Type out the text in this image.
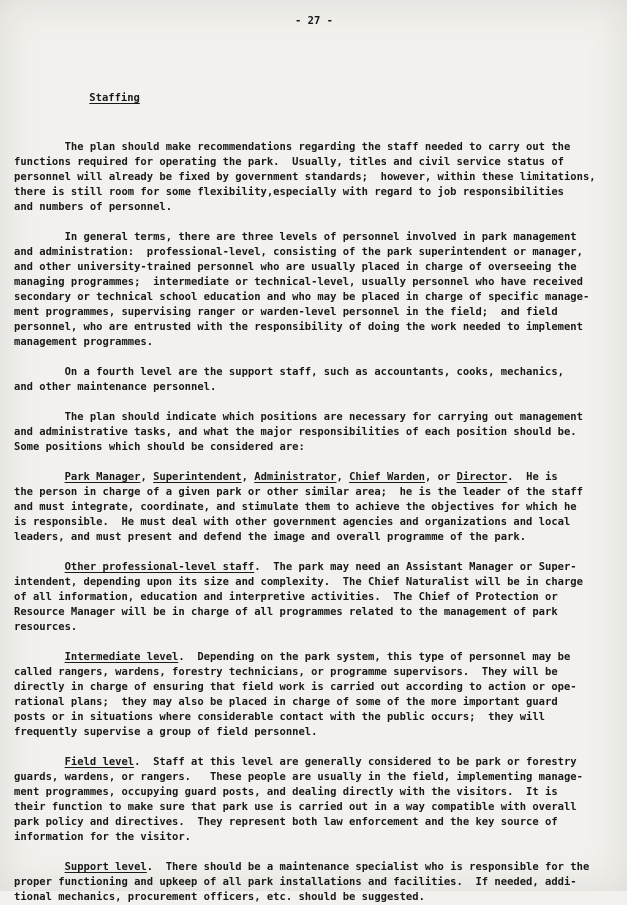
- 27 -

Staffing

The plan should make recommendations regarding the staff needed to carry out the
functions required for operating the park.  Usually, titles and civil service status of
personnel will already be fixed by government standards;  however, within these limitations,
there is still room for some flexibility,especially with regard to job responsibilities
and numbers of personnel.
In general terms, there are three levels of personnel involved in park management
and administration:  professional-level, consisting of the park superintendent or manager,
and other university-trained personnel who are usually placed in charge of overseeing the
managing programmes;  intermediate or technical-level, usually personnel who have received
secondary or technical school education and who may be placed in charge of specific manage-
ment programmes, supervising ranger or warden-level personnel in the field;  and field
personnel, who are entrusted with the responsibility of doing the work needed to implement
management programmes.
On a fourth level are the support staff, such as accountants, cooks, mechanics,
and other maintenance personnel.
The plan should indicate which positions are necessary for carrying out management
and administrative tasks, and what the major responsibilities of each position should be.
Some positions which should be considered are:
Park Manager, Superintendent, Administrator, Chief Warden, or Director.  He is
the person in charge of a given park or other similar area;  he is the leader of the staff
and must integrate, coordinate, and stimulate them to achieve the objectives for which he
is responsible.  He must deal with other government agencies and organizations and local
leaders, and must present and defend the image and overall programme of the park.
Other professional-level staff.  The park may need an Assistant Manager or Super-
intendent, depending upon its size and complexity.  The Chief Naturalist will be in charge
of all information, education and interpretive activities.  The Chief of Protection or
Resource Manager will be in charge of all programmes related to the management of park
resources.
Intermediate level.  Depending on the park system, this type of personnel may be
called rangers, wardens, forestry technicians, or programme supervisors.  They will be
directly in charge of ensuring that field work is carried out according to action or ope-
rational plans;  they may also be placed in charge of some of the more important guard
posts or in situations where considerable contact with the public occurs;  they will
frequently supervise a group of field personnel.
Field level.  Staff at this level are generally considered to be park or forestry
guards, wardens, or rangers.   These people are usually in the field, implementing manage-
ment programmes, occupying guard posts, and dealing directly with the visitors.  It is
their function to make sure that park use is carried out in a way compatible with overall
park policy and directives.  They represent both law enforcement and the key source of
information for the visitor.
Support level.  There should be a maintenance specialist who is responsible for the
proper functioning and upkeep of all park installations and facilities.  If needed, addi-
tional mechanics, procurement officers, etc. should be suggested.
